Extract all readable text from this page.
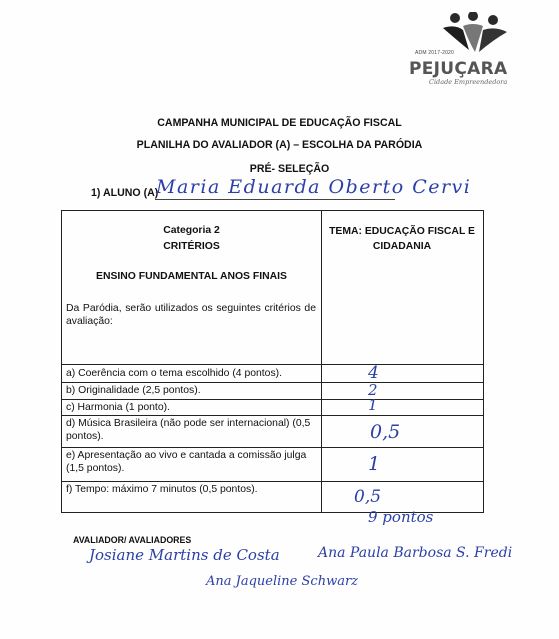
ADM 2017-2020
PEJUÇARA
Cidade Empreendedora
CAMPANHA MUNICIPAL DE EDUCAÇÃO FISCAL
PLANILHA DO AVALIADOR (A) – ESCOLHA DA PARÓDIA
PRÉ- SELEÇÃO
1) ALUNO (A)
Maria Eduarda Oberto Cervi
Categoria 2
CRITÉRIOS
ENSINO FUNDAMENTAL ANOS FINAIS
Da Paródia, serão utilizados os seguintes critérios de avaliação:
TEMA: EDUCAÇÃO FISCAL E CIDADANIA
a) Coerência com o tema escolhido (4 pontos).
b) Originalidade (2,5 pontos).
c) Harmonia (1 ponto).
d) Música Brasileira (não pode ser internacional) (0,5 pontos).
e) Apresentação ao vivo e cantada a comissão julga (1,5 pontos).
f) Tempo: máximo 7 minutos (0,5 pontos).
4
2
1
0,5
1
0,5
9 pontos
AVALIADOR/ AVALIADORES
Josiane Martins de Costa	Ana Paula Barbosa S. Fredi
Ana Jaqueline Schwarz
